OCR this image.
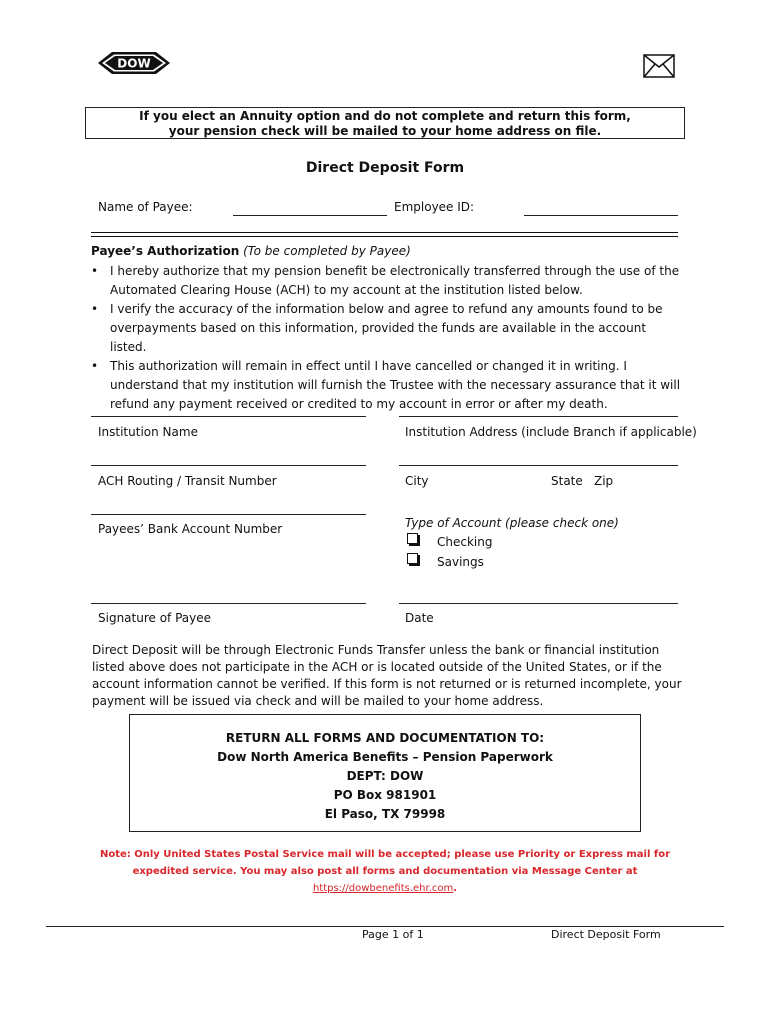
DOW
If you elect an Annuity option and do not complete and return this form,
your pension check will be mailed to your home address on file.
Direct Deposit Form
Name of Payee:	Employee ID:
Payee’s Authorization (To be completed by Payee)
• I hereby authorize that my pension benefit be electronically transferred through the use of the Automated Clearing House (ACH) to my account at the institution listed below.
• I verify the accuracy of the information below and agree to refund any amounts found to be overpayments based on this information, provided the funds are available in the account listed.
• This authorization will remain in effect until I have cancelled or changed it in writing. I understand that my institution will furnish the Trustee with the necessary assurance that it will refund any payment received or credited to my account in error or after my death.
Institution Name	Institution Address (include Branch if applicable)
ACH Routing / Transit Number	City	State Zip
Payees’ Bank Account Number	Type of Account (please check one)
Checking
Savings
Signature of Payee	Date
Direct Deposit will be through Electronic Funds Transfer unless the bank or financial institution listed above does not participate in the ACH or is located outside of the United States, or if the account information cannot be verified. If this form is not returned or is returned incomplete, your payment will be issued via check and will be mailed to your home address.
RETURN ALL FORMS AND DOCUMENTATION TO:
Dow North America Benefits – Pension Paperwork
DEPT: DOW
PO Box 981901
El Paso, TX 79998
Note: Only United States Postal Service mail will be accepted; please use Priority or Express mail for expedited service. You may also post all forms and documentation via Message Center at https://dowbenefits.ehr.com.
Page 1 of 1	Direct Deposit Form
